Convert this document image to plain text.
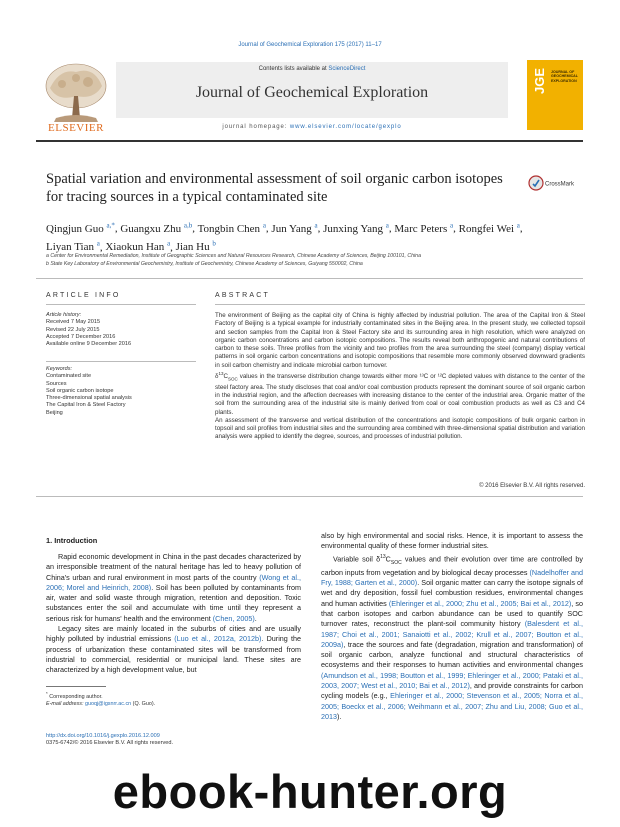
Journal of Geochemical Exploration 175 (2017) 11–17
ELSEVIER
Contents lists available at ScienceDirect
Journal of Geochemical Exploration
journal homepage: www.elsevier.com/locate/gexplo
JGE JOURNAL OF
GEOCHEMICAL
EXPLORATION
Spatial variation and environmental assessment of soil organic carbon isotopes for tracing sources in a typical contaminated site
CrossMark
Qingjun Guo $^{a,*}$, Guangxu Zhu $^{a,b}$, Tongbin Chen $^a$, Jun Yang $^a$, Junxing Yang $^a$, Marc Peters $^a$, Rongfei Wei $^a$,
Liyan Tian $^a$, Xiaokun Han $^a$, Jian Hu $^b$
a Center for Environmental Remediation, Institute of Geographic Sciences and Natural Resources Research, Chinese Academy of Sciences, Beijing 100101, China
b State Key Laboratory of Environmental Geochemistry, Institute of Geochemistry, Chinese Academy of Sciences, Guiyang 550002, China
ARTICLE INFO
Article history:
Received 7 May 2015
Revised 22 July 2015
Accepted 7 December 2016
Available online 9 December 2016
Keywords:
Contaminated site
Sources
Soil organic carbon isotope
Three-dimensional spatial analysis
The Capital Iron & Steel Factory
Beijing
ABSTRACT

The environment of Beijing as the capital city of China is highly affected by industrial pollution. The area of the Capital Iron & Steel Factory of Beijing is a typical example for industrially contaminated sites in the Beijing area. In the present study, we collected topsoil and section samples from the Capital Iron & Steel Factory site and its surrounding area in high resolution, which were analyzed on organic carbon concentrations and carbon isotopic compositions. The results reveal both anthropogenic and natural contributions of carbon to these soils. Three profiles from the vicinity and two profiles from the area surrounding the steel (company) display vertical patterns in soil organic carbon concentrations and isotopic compositions that resemble more commonly observed downward gradients in soil carbon chemistry and indicate microbial carbon turnover.

$\delta^{13}C_{SOC}$ values in the transverse distribution change towards either more ¹³C or ¹²C depleted values with distance to the center of the steel factory area. The study discloses that coal and/or coal combustion products represent the dominant source of soil organic carbon in the industrial region, and the affection decreases with increasing distance to the center of the industrial area. Organic matter of the soil from the surrounding area of the industrial site is mainly derived from coal or coal combustion products as well as C3 and C4 plants.

An assessment of the transverse and vertical distribution of the concentrations and isotopic compositions of bulk organic carbon in topsoil and soil profiles from industrial sites and the surrounding area combined with three-dimensional spatial distribution and variation analysis were applied to identify the degree, sources, and processes of industrial pollution.

© 2016 Elsevier B.V. All rights reserved.
1. Introduction

Rapid economic development in China in the past decades characterized by an irresponsible treatment of the natural heritage has led to heavy pollution of China's urban and rural environment in most parts of the country (Wong et al., 2006; Morel and Heinrich, 2008). Soil has been polluted by contaminants from air, water and solid waste through migration, retention and deposition. Toxic substances enter the soil and accumulate with time until they represent a serious risk for humans' health and the environment (Chen, 2005).

Legacy sites are mainly located in the suburbs of cities and are usually highly polluted by industrial emissions (Luo et al., 2012a, 2012b). During the process of urbanization these contaminated sites will be transformed from industrial to commercial, residential or municipal land. These sites are characterized by a high development value, but

also by high environmental and social risks. Hence, it is important to assess the environmental quality of these former industrial sites.

Variable soil $\delta^{13}C_{SOC}$ values and their evolution over time are controlled by carbon inputs from vegetation and by biological decay processes (Nadelhoffer and Fry, 1988; Garten et al., 2000). Soil organic matter can carry the isotope signals of wet and dry deposition, fossil fuel combustion residues, environmental changes and human activities (Ehleringer et al., 2000; Zhu et al., 2005; Bai et al., 2012), so that carbon isotopes and carbon abundance can be used to quantify SOC turnover rates, reconstruct the plant-soil community history (Balesdent et al., 1987; Choi et al., 2001; Sanaiotti et al., 2002; Krull et al., 2007; Boutton et al., 2009a), trace the sources and fate (degradation, migration and transformation) of soil organic carbon, analyze functional and structural characteristics of ecosystems and their responses to human activities and environmental changes (Amundson et al., 1998; Boutton et al., 1999; Ehleringer et al., 2000; Pataki et al., 2003, 2007; West et al., 2010; Bai et al., 2012), and provide constraints for carbon cycling models (e.g., Ehleringer et al., 2000; Stevenson et al., 2005; Norra et al., 2005; Boeckx et al., 2006; Weihmann et al., 2007; Zhu and Liu, 2008; Guo et al., 2013).

* Corresponding author.
E-mail address: guoqj@igsnrr.ac.cn (Q. Guo).
http://dx.doi.org/10.1016/j.gexplo.2016.12.009
0375-6742/© 2016 Elsevier B.V. All rights reserved.
ebook-hunter.org
